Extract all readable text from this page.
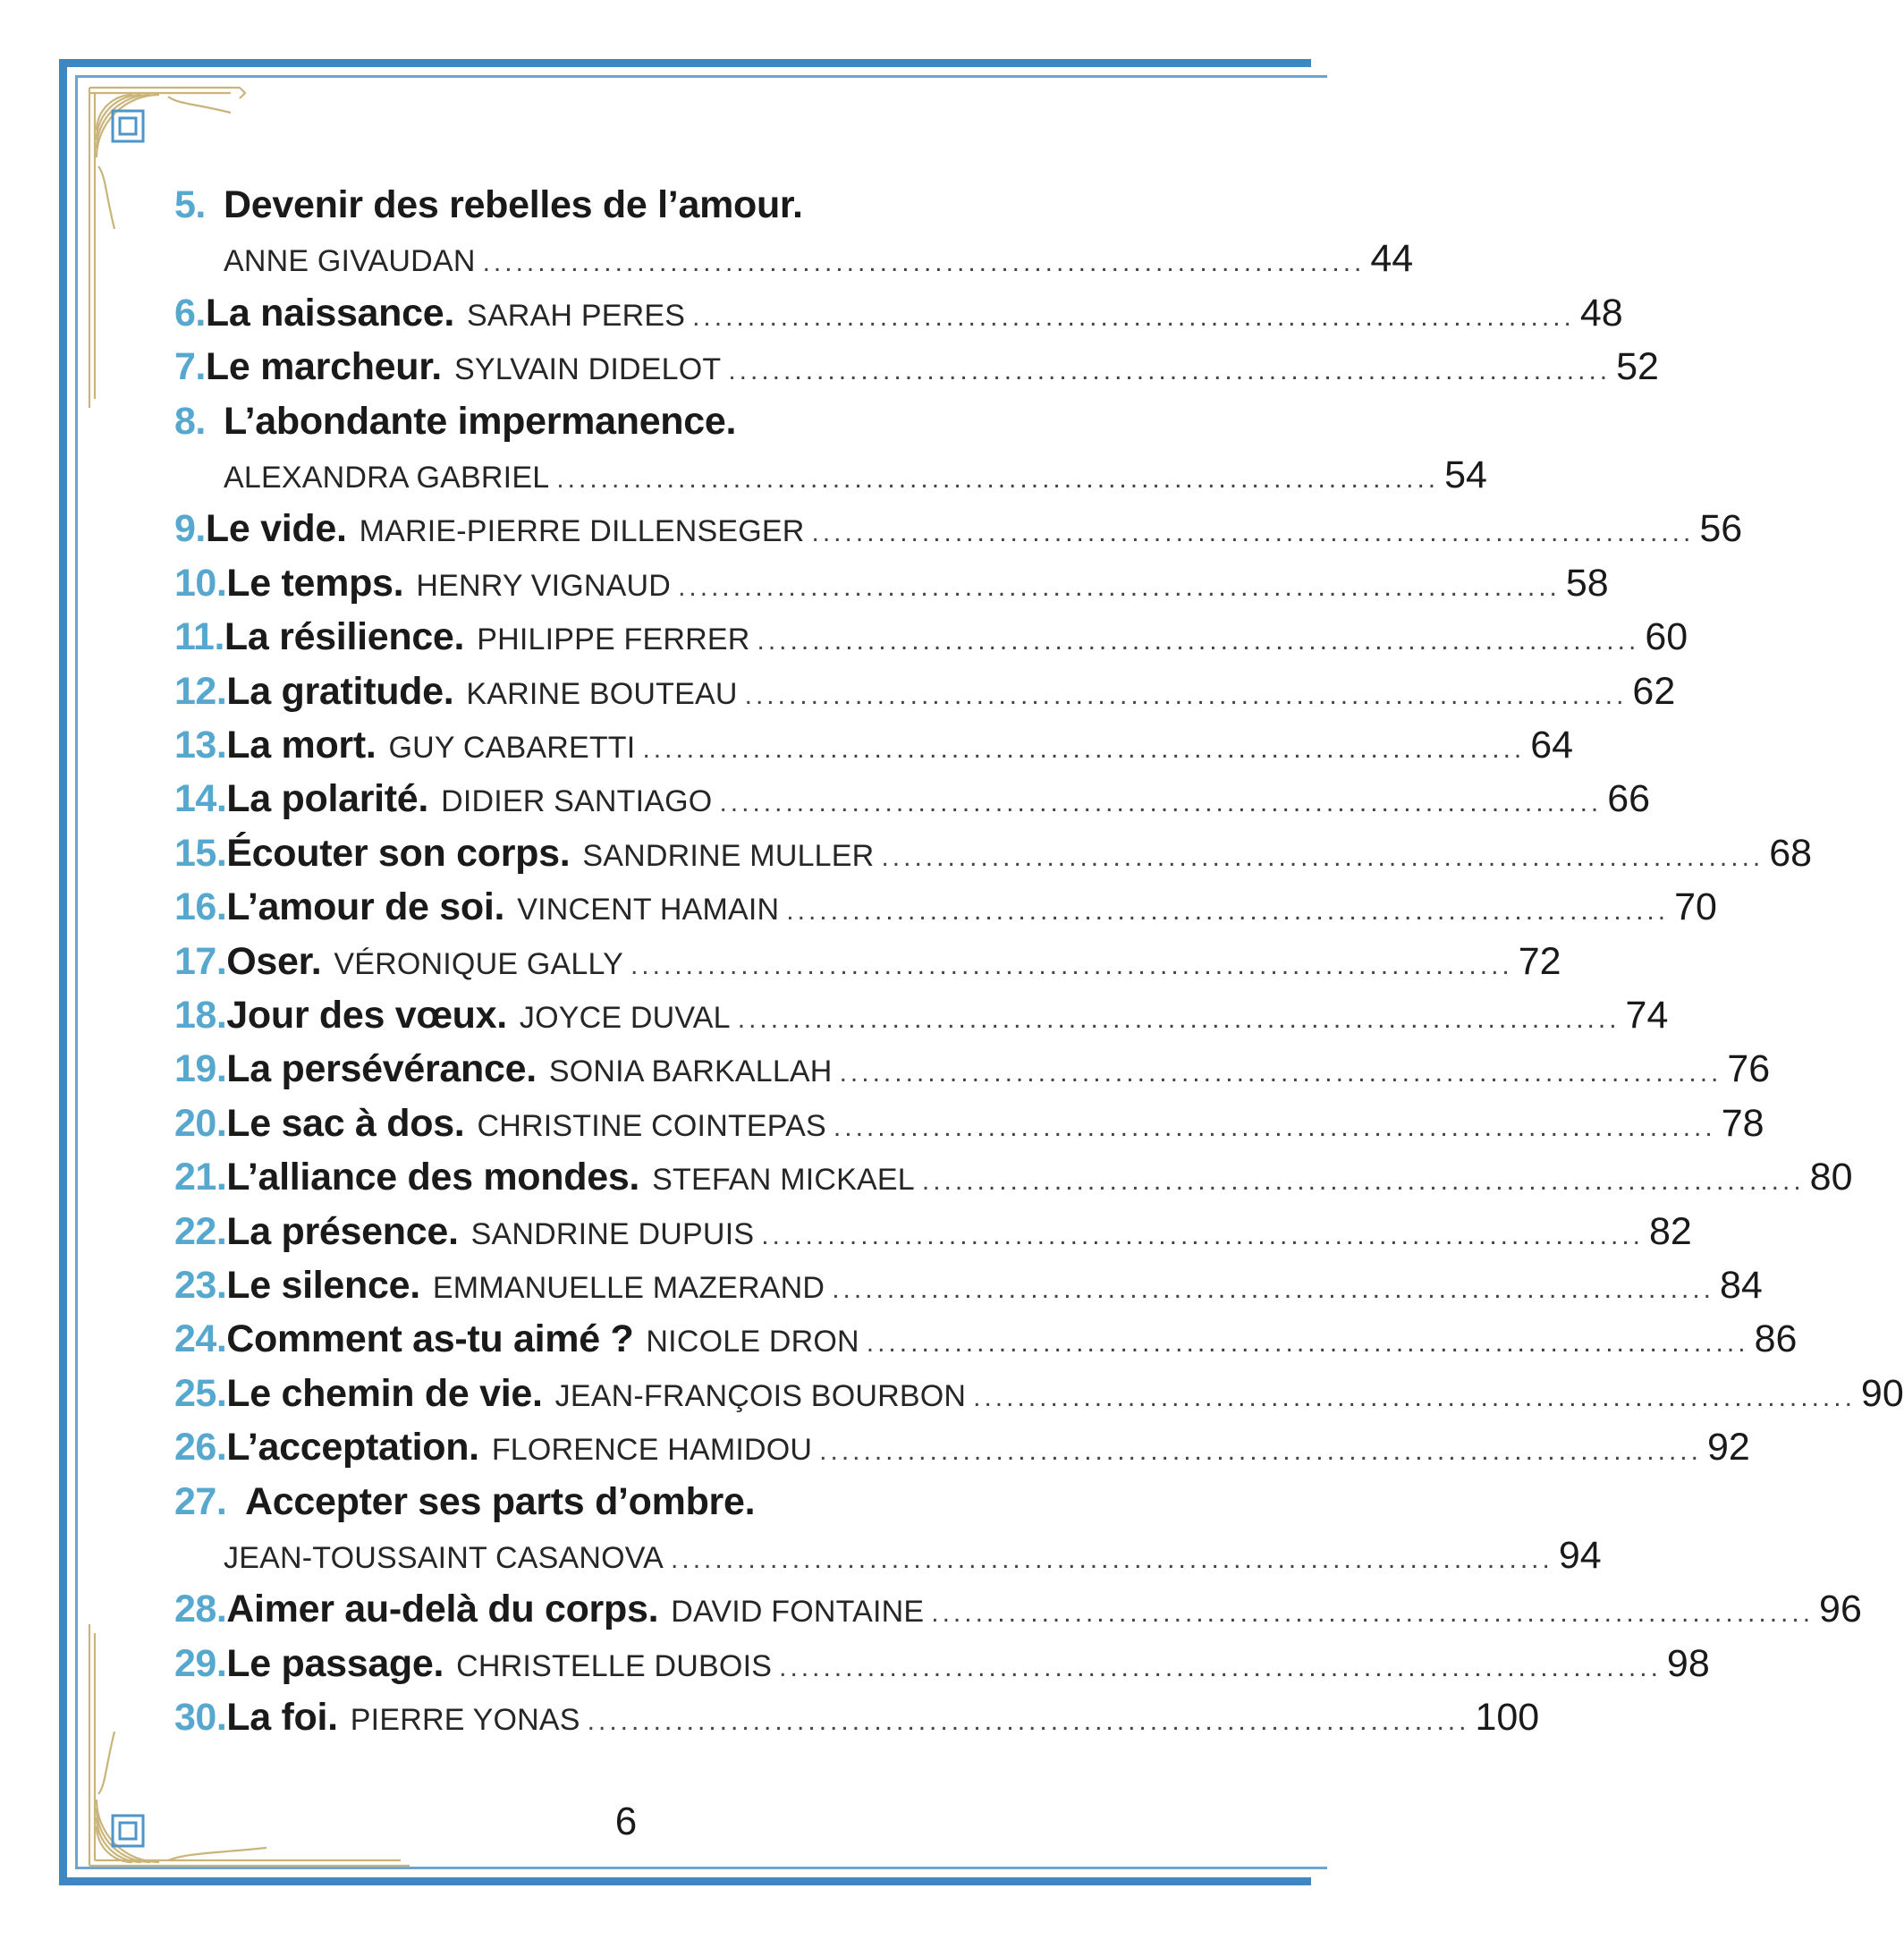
5. Devenir des rebelles de l’amour.
ANNE GIVAUDAN ................................................................................ 44
6. La naissance. SARAH PERES ................................................................................ 48
7. Le marcheur. SYLVAIN DIDELOT ................................................................................ 52
8. L’abondante impermanence.
ALEXANDRA GABRIEL ................................................................................ 54
9. Le vide. MARIE-PIERRE DILLENSEGER ................................................................................ 56
10. Le temps. HENRY VIGNAUD ................................................................................ 58
11. La résilience. PHILIPPE FERRER ................................................................................ 60
12. La gratitude. KARINE BOUTEAU ................................................................................ 62
13. La mort. GUY CABARETTI ................................................................................ 64
14. La polarité. DIDIER SANTIAGO ................................................................................ 66
15. Écouter son corps. SANDRINE MULLER ................................................................................ 68
16. L’amour de soi. VINCENT HAMAIN ................................................................................ 70
17. Oser. VÉRONIQUE GALLY ................................................................................ 72
18. Jour des vœux. JOYCE DUVAL ................................................................................ 74
19. La persévérance. SONIA BARKALLAH ................................................................................ 76
20. Le sac à dos. CHRISTINE COINTEPAS ................................................................................ 78
21. L’alliance des mondes. STEFAN MICKAEL ................................................................................ 80
22. La présence. SANDRINE DUPUIS ................................................................................ 82
23. Le silence. EMMANUELLE MAZERAND ................................................................................ 84
24. Comment as-tu aimé ? NICOLE DRON ................................................................................ 86
25. Le chemin de vie. JEAN-FRANÇOIS BOURBON ................................................................................ 90
26. L’acceptation. FLORENCE HAMIDOU ................................................................................ 92
27. Accepter ses parts d’ombre.
JEAN-TOUSSAINT CASANOVA ................................................................................ 94
28. Aimer au-delà du corps. DAVID FONTAINE ................................................................................ 96
29. Le passage. CHRISTELLE DUBOIS ................................................................................ 98
30. La foi. PIERRE YONAS ................................................................................ 100
6
